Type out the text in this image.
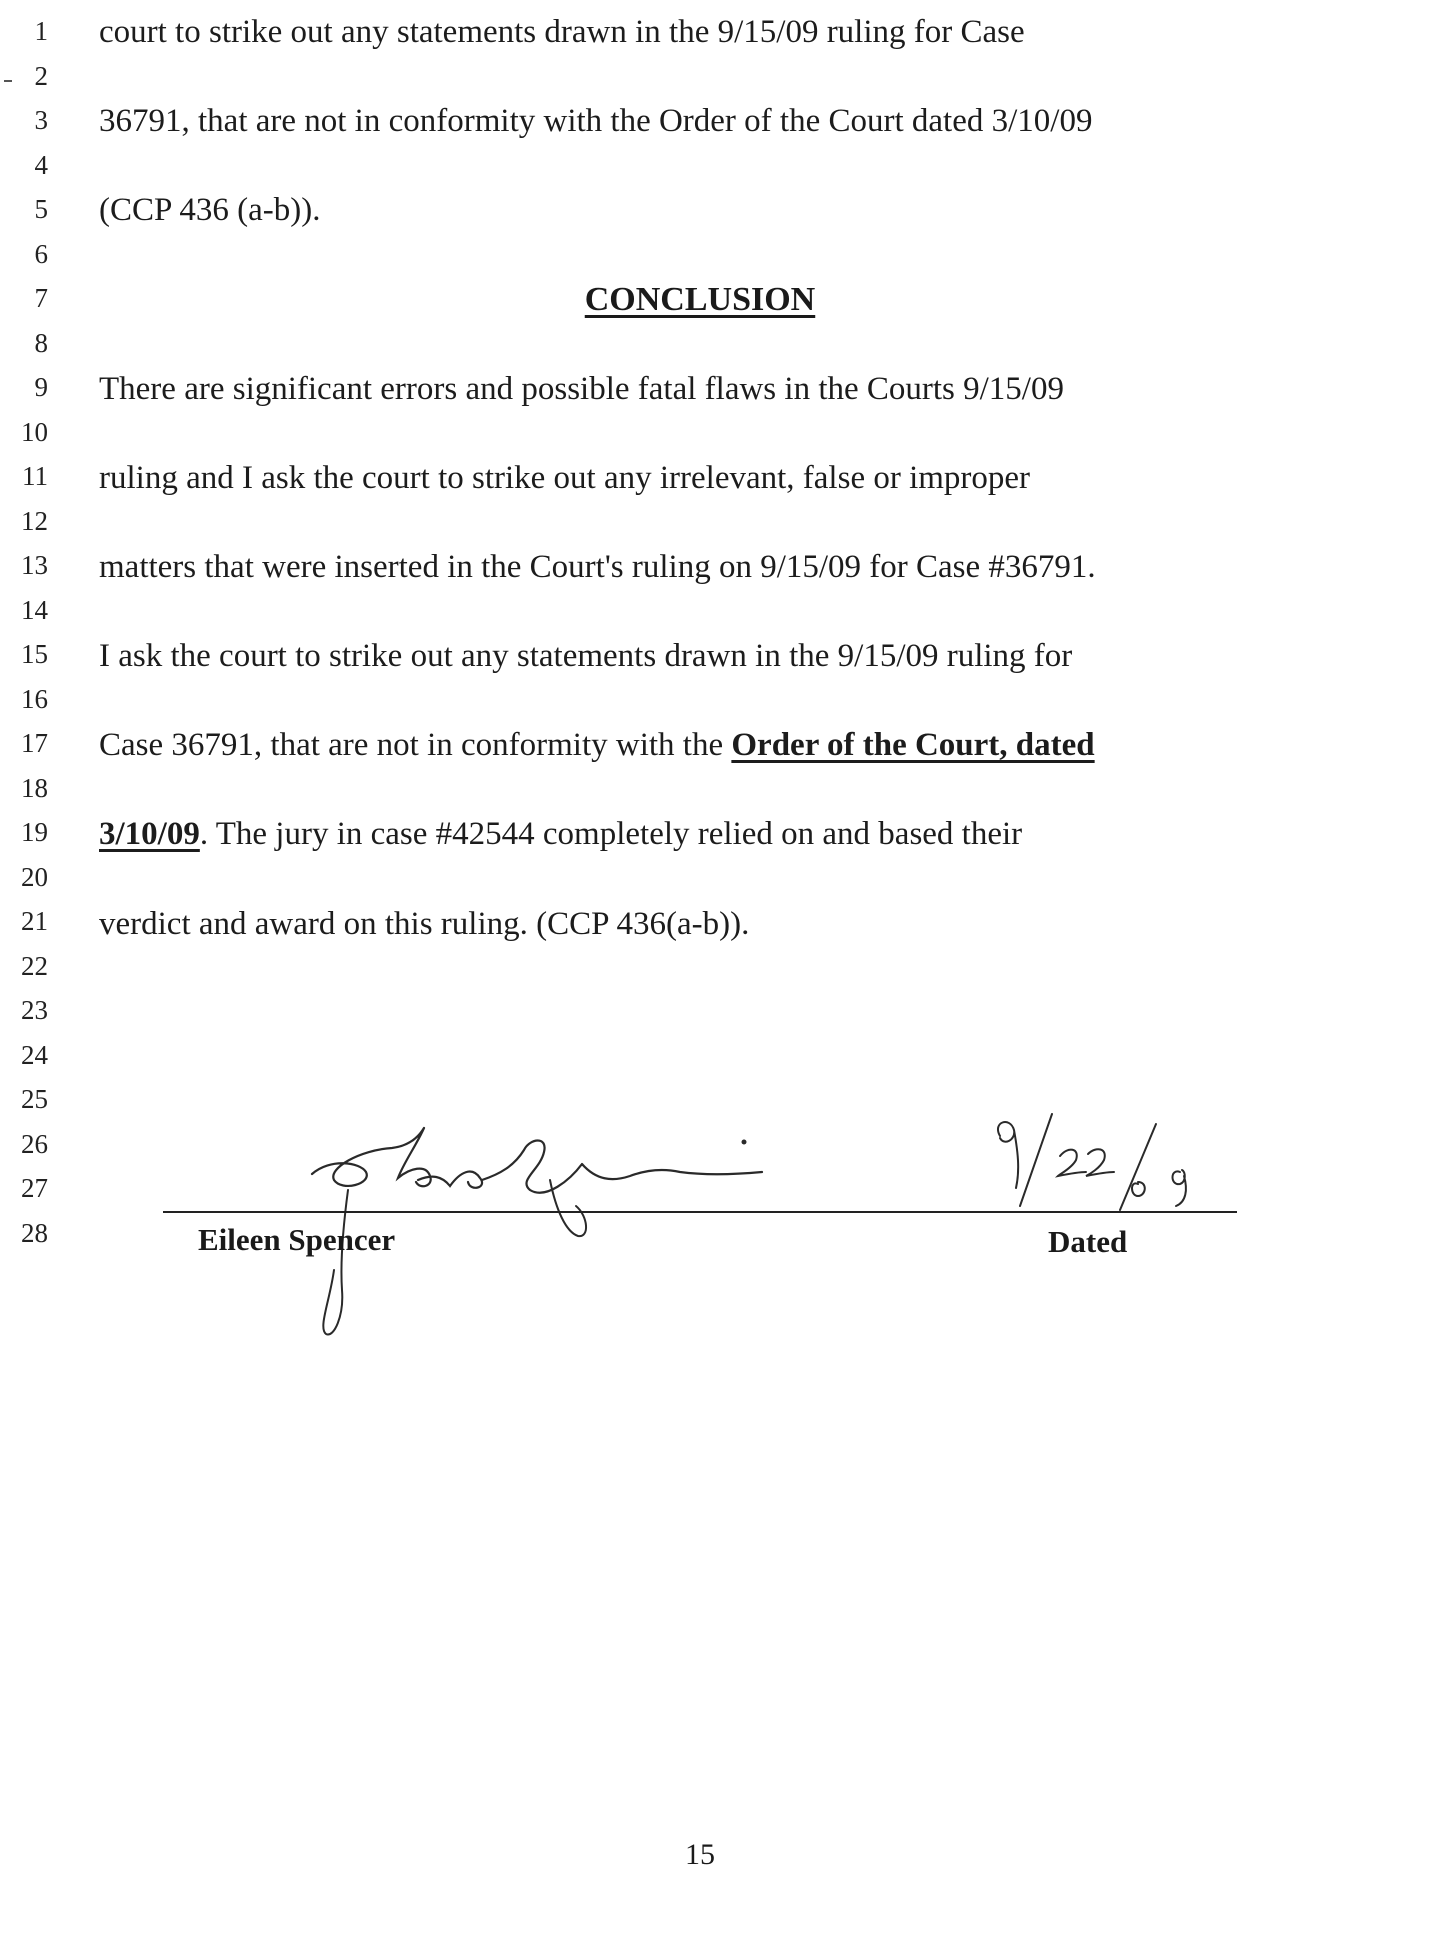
1
2
3
4
5
6
7
8
9
10
11
12
13
14
15
16
17
18
19
20
21
22
23
24
25
26
27
28
court to strike out any statements drawn in the 9/15/09 ruling for Case
36791, that are not in conformity with the Order of the Court dated 3/10/09
(CCP 436 (a-b)).
CONCLUSION
There are significant errors and possible fatal flaws in the Courts 9/15/09
ruling and I ask the court to strike out any irrelevant, false or improper
matters that were inserted in the Court's ruling on 9/15/09 for Case #36791.
I ask the court to strike out any statements drawn in the 9/15/09 ruling for
Case 36791, that are not in conformity with the Order of the Court, dated
3/10/09. The jury in case #42544 completely relied on and based their
verdict and award on this ruling. (CCP 436(a-b)).
Eileen Spencer	Dated
15
